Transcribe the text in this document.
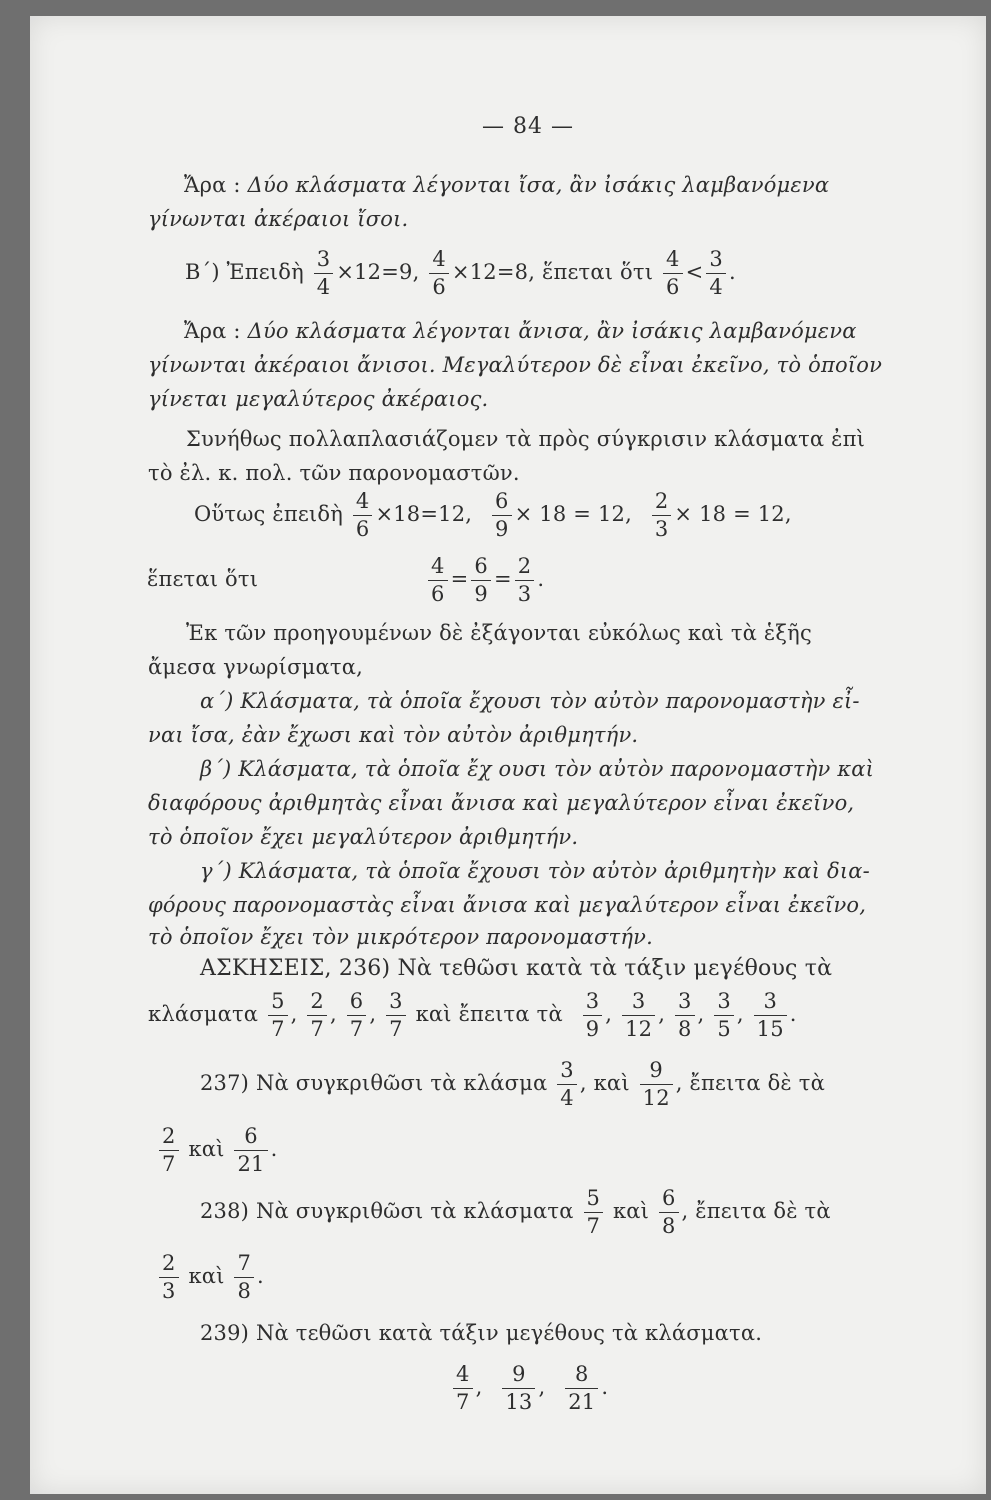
— 84 —
Ἄρα : Δύο κλάσματα λέγονται ἴσα, ἂν ἰσάκις λαμβανόμενα
γίνωνται ἀκέραιοι ἴσοι.
Β΄) Ἐπειδὴ $\frac{3}{4} \times 12=9$, $\frac{4}{6} \times 12=8$, ἕπεται ὅτι $\frac{4}{6} < \frac{3}{4}$ .
Ἄρα : Δύο κλάσματα λέγονται ἄνισα, ἂν ἰσάκις λαμβανόμενα
γίνωνται ἀκέραιοι ἄνισοι. Μεγαλύτερον δὲ εἶναι ἐκεῖνο, τὸ ὁποῖον
γίνεται μεγαλύτερος ἀκέραιος.
Συνήθως πολλαπλασιάζομεν τὰ πρὸς σύγκρισιν κλάσματα ἐπὶ
τὸ ἐλ. κ. πολ. τῶν παρονομαστῶν.
Οὕτως ἐπειδὴ $\frac{4}{6} \times 18=12$, $\frac{6}{9} \times 18 = 12$, $\frac{2}{3} \times 18 = 12$,
ἕπεται ὅτι	$\frac{4}{6} = \frac{6}{9} = \frac{2}{3}$ .
Ἐκ τῶν προηγουμένων δὲ ἐξάγονται εὐκόλως καὶ τὰ ἑξῆς
ἄμεσα γνωρίσματα,
α΄) Κλάσματα, τὰ ὁποῖα ἔχουσι τὸν αὐτὸν παρονομαστὴν εἶ-
ναι ἴσα, ἐὰν ἔχωσι καὶ τὸν αὐτὸν ἀριθμητήν.
β΄) Κλάσματα, τὰ ὁποῖα ἔχ ουσι τὸν αὐτὸν παρονομαστὴν καὶ
διαφόρους ἀριθμητὰς εἶναι ἄνισα καὶ μεγαλύτερον εἶναι ἐκεῖνο,
τὸ ὁποῖον ἔχει μεγαλύτερον ἀριθμητήν.
γ΄) Κλάσματα, τὰ ὁποῖα ἔχουσι τὸν αὐτὸν ἀριθμητὴν καὶ δια-
φόρους παρονομαστὰς εἶναι ἄνισα καὶ μεγαλύτερον εἶναι ἐκεῖνο,
τὸ ὁποῖον ἔχει τὸν μικρότερον παρονομαστήν.
ΑΣΚΗΣΕΙΣ, 236) Νὰ τεθῶσι κατὰ τὰ τάξιν μεγέθους τὰ
κλάσματα $\frac{5}{7}$ , $\frac{2}{7}$ , $\frac{6}{7}$ , $\frac{3}{7}$ καὶ ἔπειτα τὰ $\frac{3}{9}$ , $\frac{3}{12}$ , $\frac{3}{8}$ , $\frac{3}{5}$ , $\frac{3}{15}$ .
237) Νὰ συγκριθῶσι τὰ κλάσμα $\frac{3}{4}$ , καὶ $\frac{9}{12}$ , ἔπειτα δὲ τὰ
$\frac{2}{7}$ καὶ $\frac{6}{21}$ .
238) Νὰ συγκριθῶσι τὰ κλάσματα $\frac{5}{7}$ καὶ $\frac{6}{8}$ , ἔπειτα δὲ τὰ
$\frac{2}{3}$ καὶ $\frac{7}{8}$ .
239) Νὰ τεθῶσι κατὰ τάξιν μεγέθους τὰ κλάσματα.
$\frac{4}{7}$ , $\frac{9}{13}$ , $\frac{8}{21}$ .
